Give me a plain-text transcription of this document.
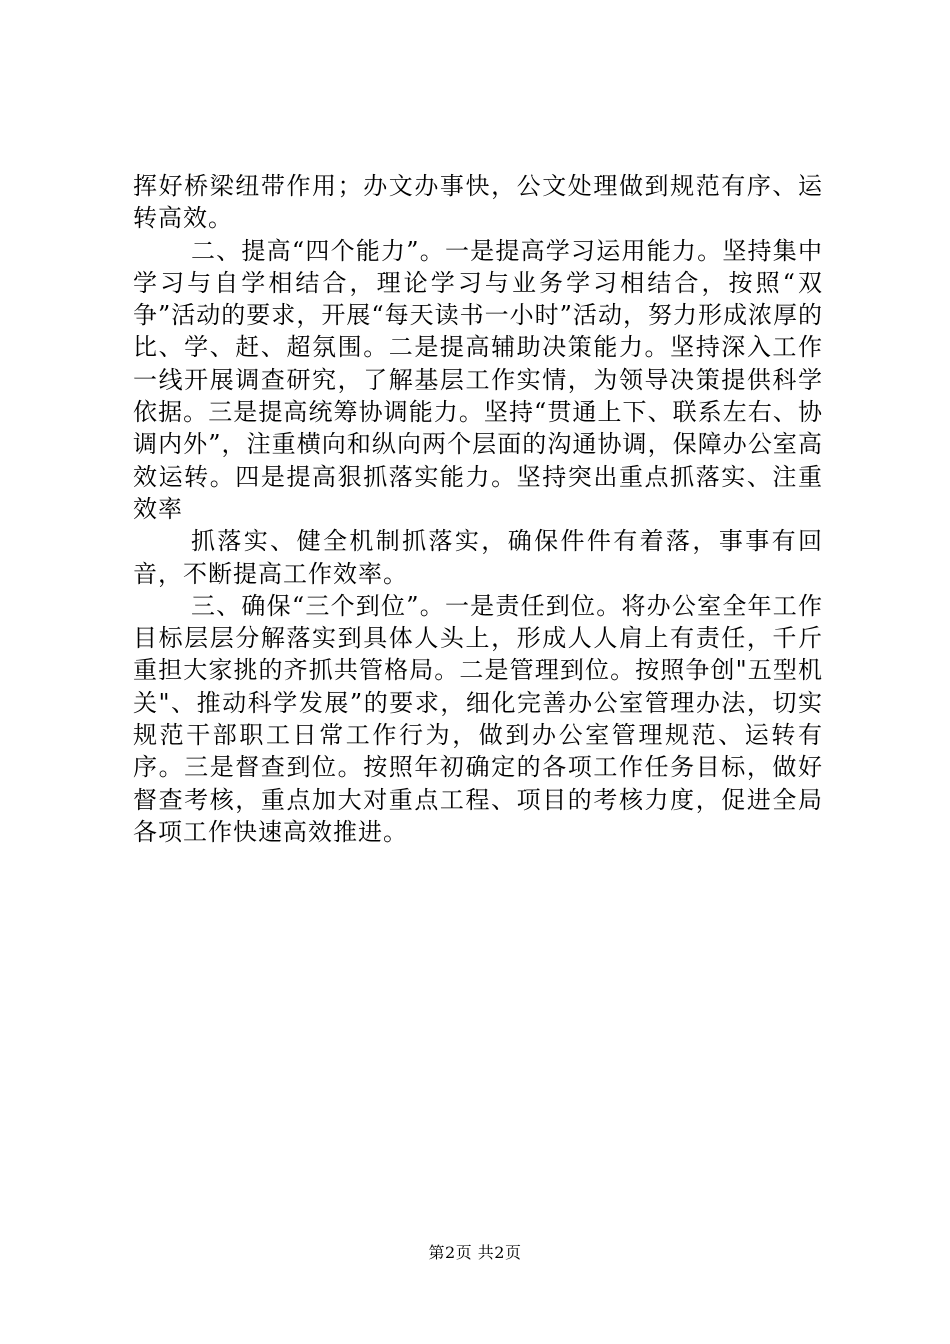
挥好桥梁纽带作用；办文办事快，公文处理做到规范有序、运转高效。

二、提高“四个能力”。一是提高学习运用能力。坚持集中学习与自学相结合，理论学习与业务学习相结合，按照“双争”活动的要求，开展“每天读书一小时”活动，努力形成浓厚的比、学、赶、超氛围。二是提高辅助决策能力。坚持深入工作一线开展调查研究，了解基层工作实情，为领导决策提供科学依据。三是提高统筹协调能力。坚持“贯通上下、联系左右、协调内外”，注重横向和纵向两个层面的沟通协调，保障办公室高效运转。四是提高狠抓落实能力。坚持突出重点抓落实、注重效率

抓落实、健全机制抓落实，确保件件有着落，事事有回音，不断提高工作效率。

三、确保“三个到位”。一是责任到位。将办公室全年工作目标层层分解落实到具体人头上，形成人人肩上有责任，千斤重担大家挑的齐抓共管格局。二是管理到位。按照争创"五型机关"、推动科学发展”的要求，细化完善办公室管理办法，切实规范干部职工日常工作行为，做到办公室管理规范、运转有序。三是督查到位。按照年初确定的各项工作任务目标，做好督查考核，重点加大对重点工程、项目的考核力度，促进全局各项工作快速高效推进。

第2页 共2页
